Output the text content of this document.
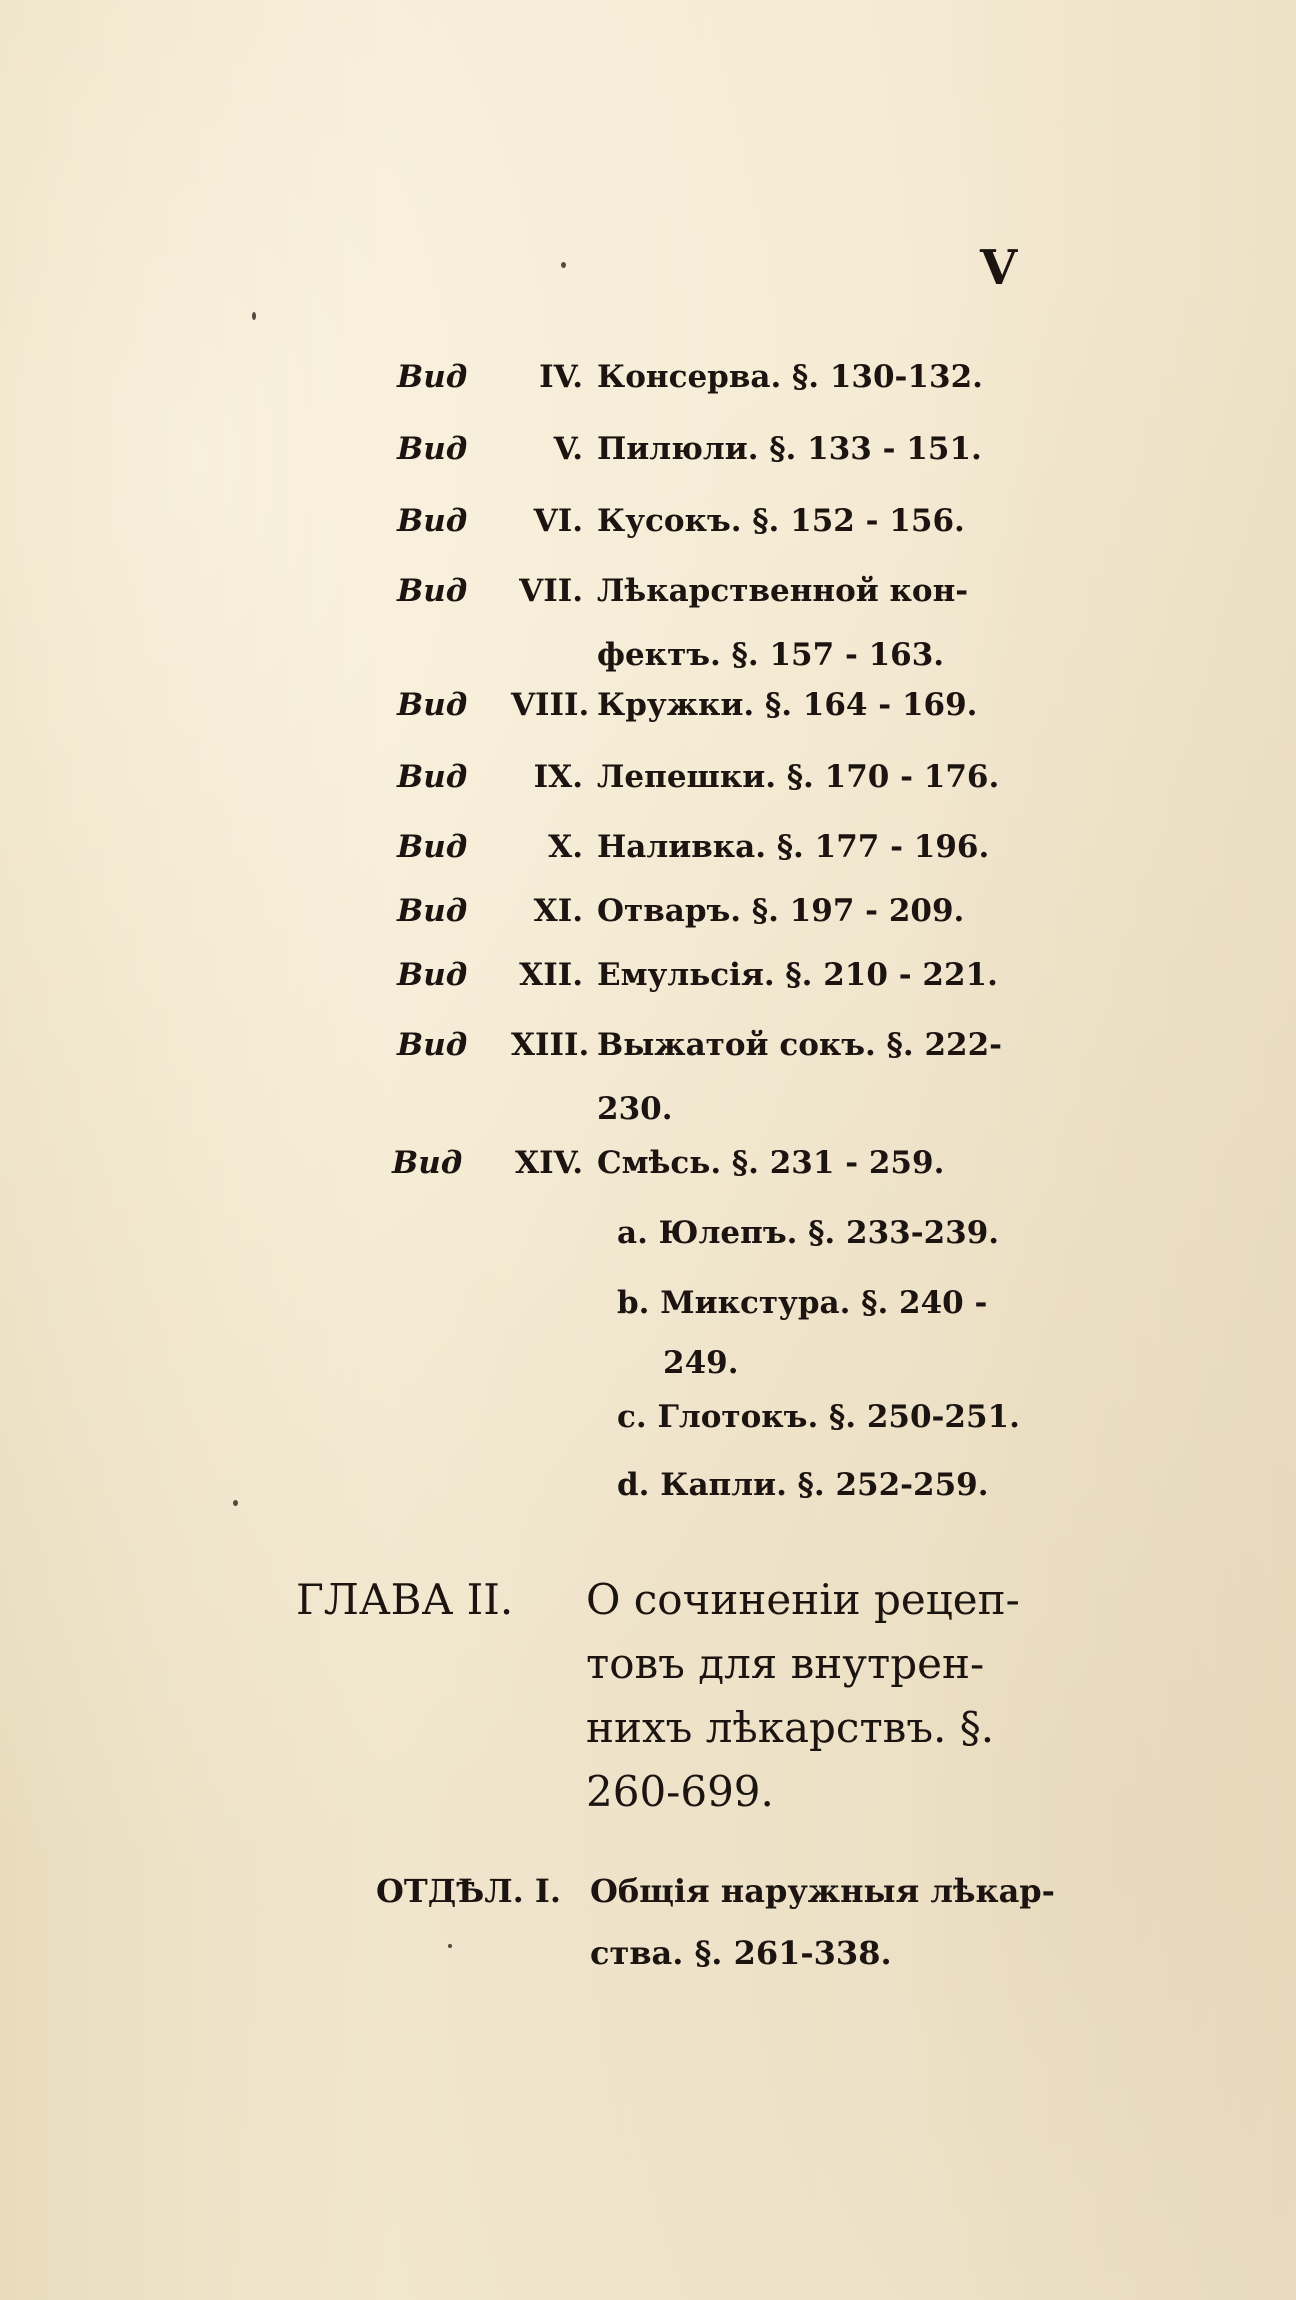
V
Вид	IV. Консерва. §. 130-132.
Вид	V. Пилюли. §. 133 - 151.
Вид	VI. Кусокъ. §. 152 - 156.
Вид VII. Лѣкарственной кон-
фектъ. §. 157 - 163.
Вид VIII. Кружки. §. 164 - 169.
Вид	IX. Лепешки. §. 170 - 176.
Вид	X. Наливка. §. 177 - 196.
Вид	XI. Отваръ. §. 197 - 209.
Вид XII. Емульсія. §. 210 - 221.
Вид XIII. Выжатой сокъ. §. 222-
230.
Вид XIV. Смѣсь. §. 231 - 259.
a. Юлепъ. §. 233-239.
b. Микстура. §. 240 -
249.
c. Глотокъ. §. 250-251.
d. Капли. §. 252-259.
ГЛАВА II. О сочиненіи рецеп-
товъ для внутрен-
нихъ лѣкарствъ. §.
260-699.
ОТДѢЛ. I. Общія наружныя лѣкар-
ства. §. 261-338.
